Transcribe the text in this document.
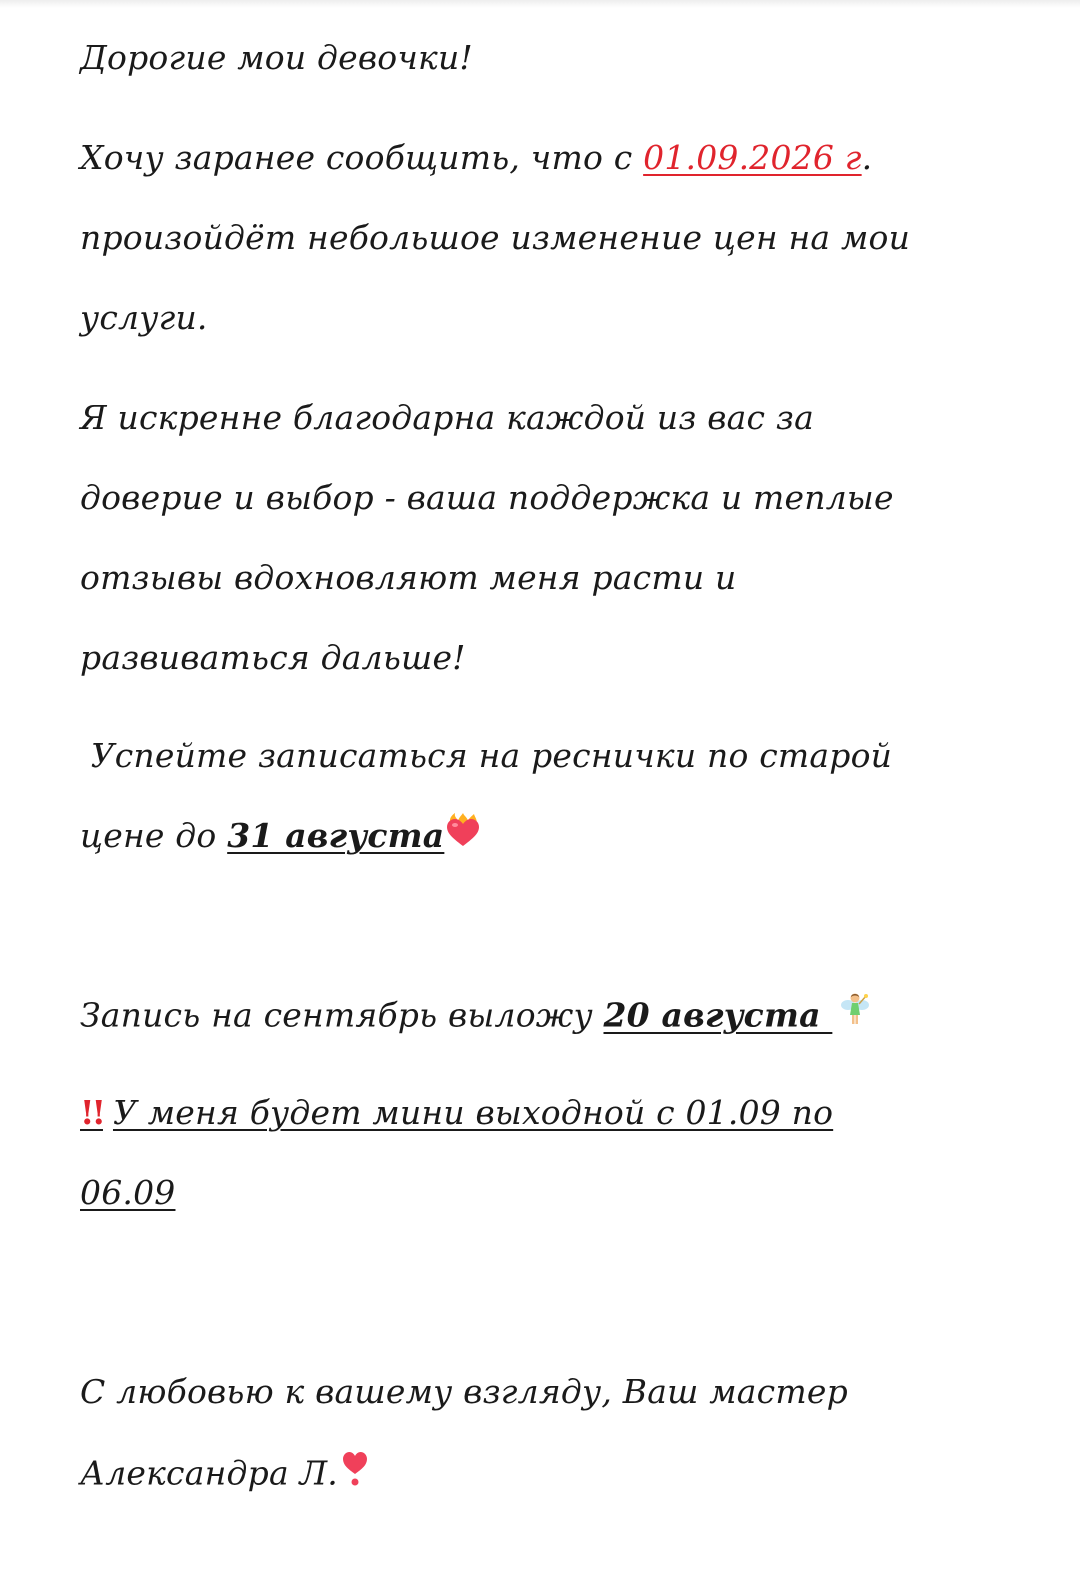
Дорогие мои девочки!
Хочу заранее сообщить, что с 01.09.2026 г.
произойдёт небольшое изменение цен на мои
услуги.
Я искренне благодарна каждой из вас за
доверие и выбор - ваша поддержка и теплые
отзывы вдохновляют меня расти и
развиваться дальше!
Успейте записаться на реснички по старой
цене до 31 августа
Запись на сентябрь выложу 20 августа
!! У меня будет мини выходной с 01.09 по
06.09
С любовью к вашему взгляду, Ваш мастер
Александра Л.
